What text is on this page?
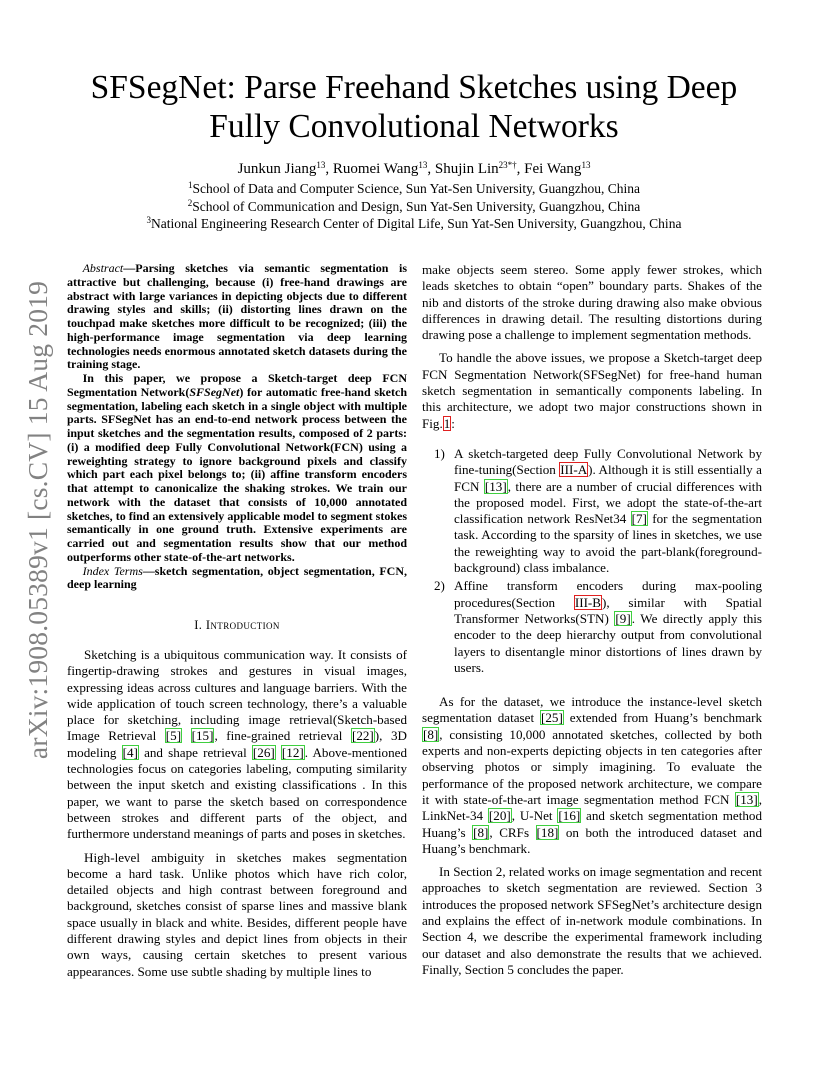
arXiv:1908.05389v1 [cs.CV] 15 Aug 2019
SFSegNet: Parse Freehand Sketches using Deep Fully Convolutional Networks
Junkun Jiang$^{13}$, Ruomei Wang$^{13}$, Shujin Lin$^{23*\dagger}$, Fei Wang$^{13}$
$^1$School of Data and Computer Science, Sun Yat-Sen University, Guangzhou, China
$^2$School of Communication and Design, Sun Yat-Sen University, Guangzhou, China
$^3$National Engineering Research Center of Digital Life, Sun Yat-Sen University, Guangzhou, China

Abstract—Parsing sketches via semantic segmentation is attractive but challenging, because (i) free-hand drawings are abstract with large variances in depicting objects due to different drawing styles and skills; (ii) distorting lines drawn on the touchpad make sketches more difficult to be recognized; (iii) the high-performance image segmentation via deep learning technologies needs enormous annotated sketch datasets during the training stage.

In this paper, we propose a Sketch-target deep FCN Segmentation Network(SFSegNet) for automatic free-hand sketch segmentation, labeling each sketch in a single object with multiple parts. SFSegNet has an end-to-end network process between the input sketches and the segmentation results, composed of 2 parts: (i) a modified deep Fully Convolutional Network(FCN) using a reweighting strategy to ignore background pixels and classify which part each pixel belongs to; (ii) affine transform encoders that attempt to canonicalize the shaking strokes. We train our network with the dataset that consists of 10,000 annotated sketches, to find an extensively applicable model to segment stokes semantically in one ground truth. Extensive experiments are carried out and segmentation results show that our method outperforms other state-of-the-art networks.

Index Terms—sketch segmentation, object segmentation, FCN, deep learning

I. Introduction

Sketching is a ubiquitous communication way. It consists of fingertip-drawing strokes and gestures in visual images, expressing ideas across cultures and language barriers. With the wide application of touch screen technology, there’s a valuable place for sketching, including image retrieval(Sketch-based Image Retrieval [5] [15], fine-grained retrieval [22]), 3D modeling [4] and shape retrieval [26] [12]. Above-mentioned technologies focus on categories labeling, computing similarity between the input sketch and existing classifications . In this paper, we want to parse the sketch based on correspondence between strokes and different parts of the object, and furthermore understand meanings of parts and poses in sketches.

High-level ambiguity in sketches makes segmentation become a hard task. Unlike photos which have rich color, detailed objects and high contrast between foreground and background, sketches consist of sparse lines and massive blank space usually in black and white. Besides, different people have different drawing styles and depict lines from objects in their own ways, causing certain sketches to present various appearances. Some use subtle shading by multiple lines to

make objects seem stereo. Some apply fewer strokes, which leads sketches to obtain “open” boundary parts. Shakes of the nib and distorts of the stroke during drawing also make obvious differences in drawing detail. The resulting distortions during drawing pose a challenge to implement segmentation methods.

To handle the above issues, we propose a Sketch-target deep FCN Segmentation Network(SFSegNet) for free-hand human sketch segmentation in semantically components labeling. In this architecture, we adopt two major constructions shown in Fig.1:

1) A sketch-targeted deep Fully Convolutional Network by fine-tuning(Section III-A). Although it is still essentially a FCN [13], there are a number of crucial differences with the proposed model. First, we adopt the state-of-the-art classification network ResNet34 [7] for the segmentation task. According to the sparsity of lines in sketches, we use the reweighting way to avoid the part-blank(foreground-background) class imbalance.
2) Affine transform encoders during max-pooling procedures(Section III-B), similar with Spatial Transformer Networks(STN) [9]. We directly apply this encoder to the deep hierarchy output from convolutional layers to disentangle minor distortions of lines drawn by users.

As for the dataset, we introduce the instance-level sketch segmentation dataset [25] extended from Huang’s benchmark [8], consisting 10,000 annotated sketches, collected by both experts and non-experts depicting objects in ten categories after observing photos or simply imagining. To evaluate the performance of the proposed network architecture, we compare it with state-of-the-art image segmentation method FCN [13], LinkNet-34 [20], U-Net [16] and sketch segmentation method Huang’s [8], CRFs [18] on both the introduced dataset and Huang’s benchmark.

In Section 2, related works on image segmentation and recent approaches to sketch segmentation are reviewed. Section 3 introduces the proposed network SFSegNet’s architecture design and explains the effect of in-network module combinations. In Section 4, we describe the experimental framework including our dataset and also demonstrate the results that we achieved. Finally, Section 5 concludes the paper.
